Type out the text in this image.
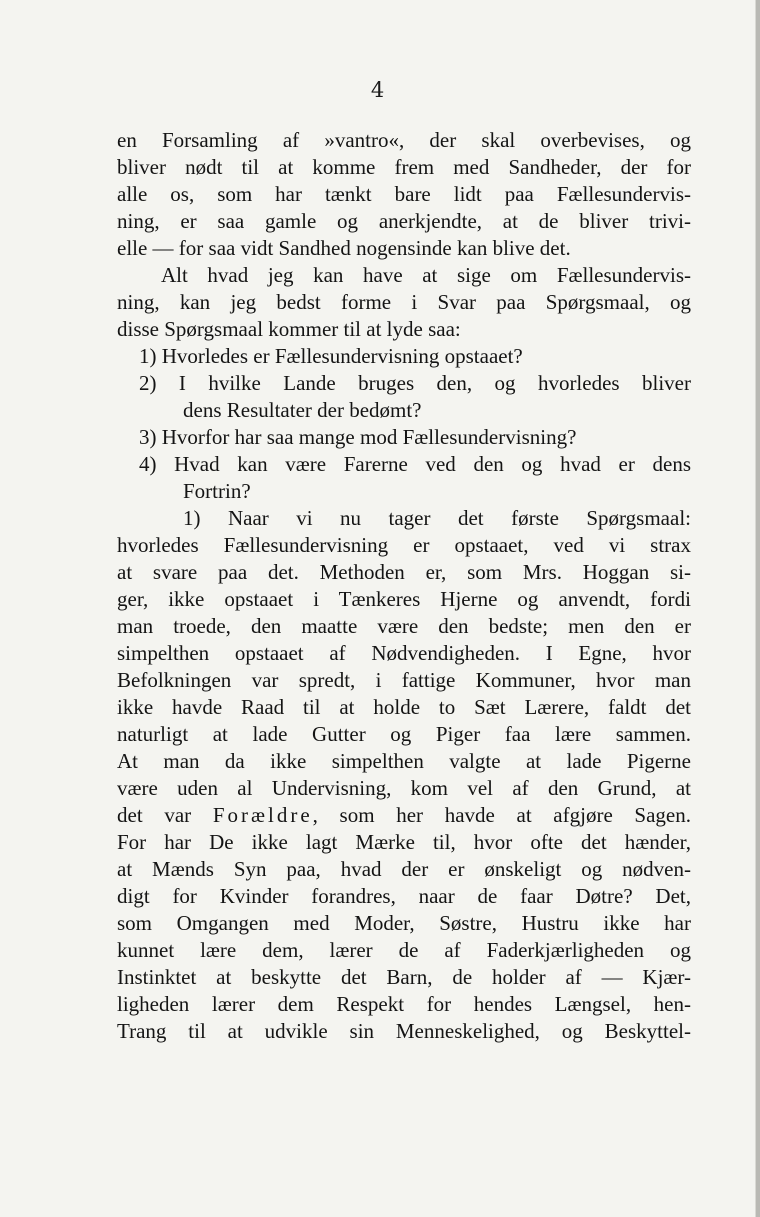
4
en Forsamling af »vantro«, der skal overbevises, og
bliver nødt til at komme frem med Sandheder, der for
alle os, som har tænkt bare lidt paa Fællesundervis-
ning, er saa gamle og anerkjendte, at de bliver trivi-
elle — for saa vidt Sandhed nogensinde kan blive det.
Alt hvad jeg kan have at sige om Fællesundervis-
ning, kan jeg bedst forme i Svar paa Spørgsmaal, og
disse Spørgsmaal kommer til at lyde saa:
1) Hvorledes er Fællesundervisning opstaaet?
2) I hvilke Lande bruges den, og hvorledes bliver
dens Resultater der bedømt?
3) Hvorfor har saa mange mod Fællesundervisning?
4) Hvad kan være Farerne ved den og hvad er dens
Fortrin?
1) Naar vi nu tager det første Spørgsmaal:
hvorledes Fællesundervisning er opstaaet, ved vi strax
at svare paa det. Methoden er, som Mrs. Hoggan si-
ger, ikke opstaaet i Tænkeres Hjerne og anvendt, fordi
man troede, den maatte være den bedste; men den er
simpelthen opstaaet af Nødvendigheden. I Egne, hvor
Befolkningen var spredt, i fattige Kommuner, hvor man
ikke havde Raad til at holde to Sæt Lærere, faldt det
naturligt at lade Gutter og Piger faa lære sammen.
At man da ikke simpelthen valgte at lade Pigerne
være uden al Undervisning, kom vel af den Grund, at
det var Forældre, som her havde at afgjøre Sagen.
For har De ikke lagt Mærke til, hvor ofte det hænder,
at Mænds Syn paa, hvad der er ønskeligt og nødven-
digt for Kvinder forandres, naar de faar Døtre? Det,
som Omgangen med Moder, Søstre, Hustru ikke har
kunnet lære dem, lærer de af Faderkjærligheden og
Instinktet at beskytte det Barn, de holder af — Kjær-
ligheden lærer dem Respekt for hendes Længsel, hen-
Trang til at udvikle sin Menneskelighed, og Beskyttel-
